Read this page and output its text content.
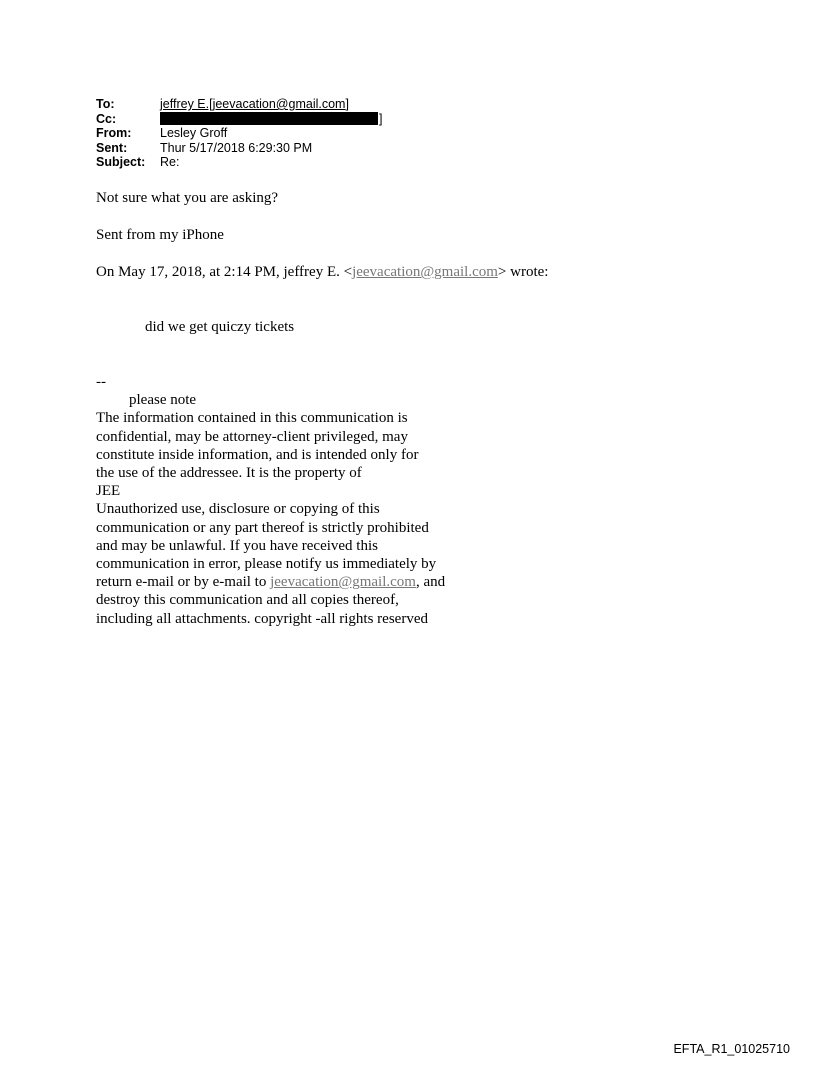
To:	jeffrey E.[jeevacation@gmail.com]
Cc:	]
From:	Lesley Groff
Sent:	Thur 5/17/2018 6:29:30 PM
Subject:	Re:
Not sure what you are asking?
Sent from my iPhone
On May 17, 2018, at 2:14 PM, jeffrey E. <jeevacation@gmail.com> wrote:
did we get quiczy tickets
--
please note
The information contained in this communication is
confidential, may be attorney-client privileged, may
constitute inside information, and is intended only for
the use of the addressee. It is the property of
JEE
Unauthorized use, disclosure or copying of this
communication or any part thereof is strictly prohibited
and may be unlawful. If you have received this
communication in error, please notify us immediately by
return e-mail or by e-mail to jeevacation@gmail.com, and
destroy this communication and all copies thereof,
including all attachments. copyright -all rights reserved
EFTA_R1_01025710
